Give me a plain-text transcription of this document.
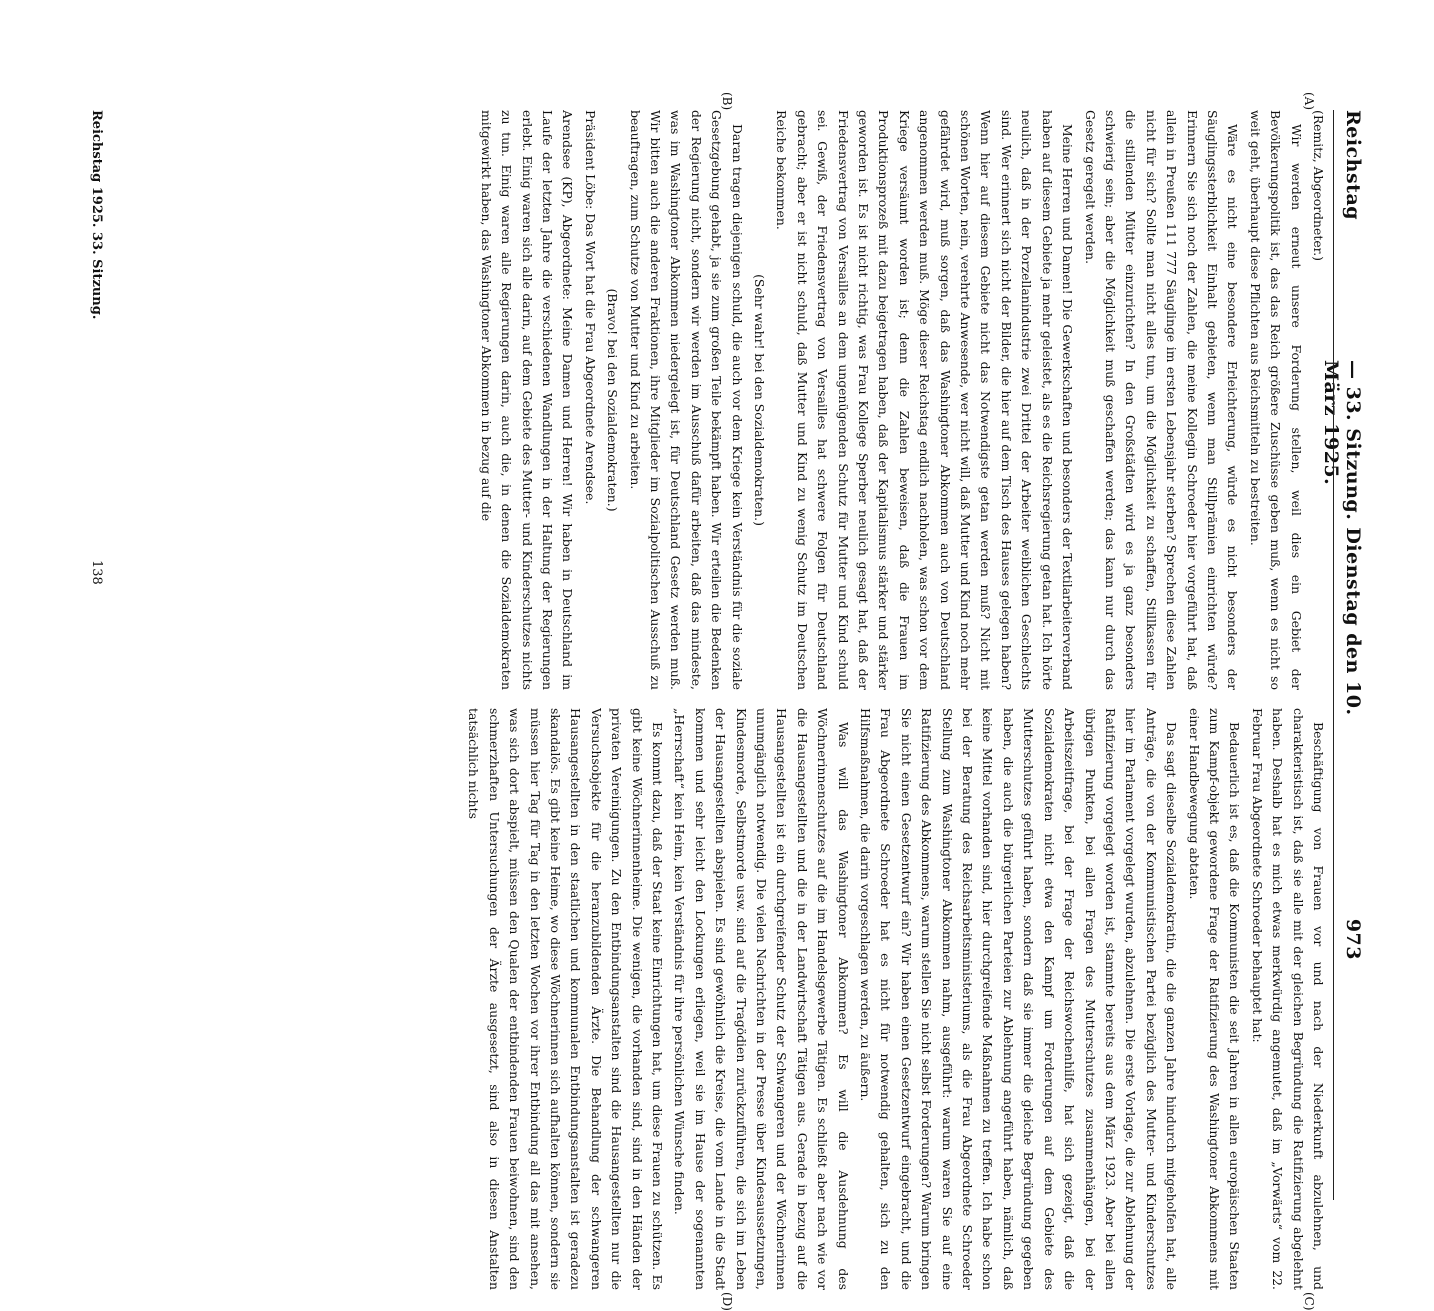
Reichstag
— 33. Sitzung. Dienstag den 10. März 1925.
973
(A)
(B)
(C)
(D)

(Remitz, Abgeordneter.)

Wir werden erneut unsere Forderung stellen, weil dies ein Gebiet der Bevölkerungspolitik ist, das das Reich größere Zuschüsse geben muß, wenn es nicht so weit geht, überhaupt diese Pflichten aus Reichsmitteln zu bestreiten.

Wäre es nicht eine besondere Erleichterung, würde es nicht besonders der Säuglingssterblichkeit Einhalt gebieten, wenn man Stillprämien einrichten würde? Erinnern Sie sich noch der Zahlen, die meine Kollegin Schroeder hier vorgeführt hat, daß allein in Preußen 111 777 Säuglinge im ersten Lebensjahr sterben? Sprechen diese Zahlen nicht für sich? Sollte man nicht alles tun, um die Möglichkeit zu schaffen, Stillkassen für die stillenden Mütter einzurichten? In den Großstädten wird es ja ganz besonders schwierig sein; aber die Möglichkeit muß geschaffen werden; das kann nur durch das Gesetz geregelt werden.

Meine Herren und Damen! Die Gewerkschaften und besonders der Textilarbeiterverband haben auf diesem Gebiete ja mehr geleistet, als es die Reichsregierung getan hat. Ich hörte neulich, daß in der Porzellanindustrie zwei Drittel der Arbeiter weiblichen Geschlechts sind. Wer erinnert sich nicht der Bilder, die hier auf dem Tisch des Hauses gelegen haben? Wenn hier auf diesem Gebiete nicht das Notwendigste getan werden muß? Nicht mit schönen Worten, nein, verehrte Anwesende, wer nicht will, daß Mutter und Kind noch mehr gefährdet wird, muß sorgen, daß das Washingtoner Abkommen auch von Deutschland angenommen werden muß. Möge dieser Reichstag endlich nachholen, was schon vor dem Kriege versäumt worden ist; denn die Zahlen beweisen, daß die Frauen im Produktionsprozeß mit dazu beigetragen haben, daß der Kapitalismus stärker und stärker geworden ist. Es ist nicht richtig, was Frau Kollege Sperber neulich gesagt hat, daß der Friedensvertrag von Versailles an dem ungenügenden Schutz für Mutter und Kind schuld sei. Gewiß, der Friedensvertrag von Versailles hat schwere Folgen für Deutschland gebracht; aber er ist nicht schuld, daß Mutter und Kind zu wenig Schutz im Deutschen Reiche bekommen.

(Sehr wahr! bei den Sozialdemokraten.)

Daran tragen diejenigen schuld, die auch vor dem Kriege kein Verständnis für die soziale Gesetzgebung gehabt, ja sie zum großen Teile bekämpft haben. Wir erteilen die Bedenken der Regierung nicht, sondern wir werden im Ausschuß dafür arbeiten, daß das mindeste, was im Washingtoner Abkommen niedergelegt ist, für Deutschland Gesetz werden muß. Wir bitten auch die anderen Fraktionen, ihre Mitglieder im Sozialpolitischen Ausschuß zu beauftragen, zum Schutze von Mutter und Kind zu arbeiten.

(Bravo! bei den Sozialdemokraten.)

Präsident Löbe: Das Wort hat die Frau Abgeordnete Arendsee.

Arendsee (KP), Abgeordnete: Meine Damen und Herren! Wir haben in Deutschland im Laufe der letzten Jahre die verschiedenen Wandlungen in der Haltung der Regierungen erlebt. Einig waren sich alle darin, auf dem Gebiete des Mutter- und Kinderschutzes nichts zu tun. Einig waren alle Regierungen darin, auch die, in denen die Sozialdemokraten mitgewirkt haben, das Washingtoner Abkommen in bezug auf die

Beschäftigung von Frauen vor und nach der Niederkunft abzulehnen, und charakteristisch ist, daß sie alle mit der gleichen Begründung die Ratifizierung abgelehnt haben. Deshalb hat es mich etwas merkwürdig angemutet, daß im „Vorwärts“ vom 22. Februar Frau Abgeordnete Schroeder behauptet hat:

Bedauerlich ist es, daß die Kommunisten die seit Jahren in allen europäischen Staaten zum Kampf-objekt gewordene Frage der Ratifizierung des Washingtoner Abkommens mit einer Handbewegung abtaten.

Das sagt dieselbe Sozialdemokratin, die die ganzen Jahre hindurch mitgeholfen hat, alle Anträge, die von der Kommunistischen Partei bezüglich des Mutter- und Kinderschutzes hier im Parlament vorgelegt wurden, abzulehnen. Die erste Vorlage, die zur Ablehnung der Ratifizierung vorgelegt worden ist, stammte bereits aus dem März 1923. Aber bei allen übrigen Punkten, bei allen Fragen des Mutterschutzes zusammenhängen, bei der Arbeitszeitfrage, bei der Frage der Reichswochenhilfe, hat sich gezeigt, daß die Sozialdemokraten nicht etwa den Kampf um Forderungen auf dem Gebiete des Mutterschutzes geführt haben, sondern daß sie immer die gleiche Begründung gegeben haben, die auch die bürgerlichen Parteien zur Ablehnung angeführt haben, nämlich, daß keine Mittel vorhanden sind, hier durchgreifende Maßnahmen zu treffen. Ich habe schon bei der Beratung des Reichsarbeitsministeriums, als die Frau Abgeordnete Schroeder Stellung zum Washingtoner Abkommen nahm, ausgeführt: warum waren Sie auf eine Ratifizierung des Abkommens, warum stellen Sie nicht selbst Forderungen? Warum bringen Sie nicht einen Gesetzentwurf ein? Wir haben einen Gesetzentwurf eingebracht, und die Frau Abgeordnete Schroeder hat es nicht für notwendig gehalten, sich zu den Hilfsmaßnahmen, die darin vorgeschlagen werden, zu äußern.

Was will das Washingtoner Abkommen? Es will die Ausdehnung des Wöchnerinnenschutzes auf die im Handelsgewerbe Tätigen. Es schließt aber nach wie vor die Hausangestellten und die in der Landwirtschaft Tätigen aus. Gerade in bezug auf die Hausangestellten ist ein durchgreifender Schutz der Schwangeren und der Wöchnerinnen unumgänglich notwendig. Die vielen Nachrichten in der Presse über Kindesaussetzungen, Kindesmorde, Selbstmorde usw. sind auf die Tragödien zurückzuführen, die sich im Leben der Hausangestellten abspielen. Es sind gewöhnlich die Kreise, die vom Lande in die Stadt kommen und sehr leicht den Lockungen erliegen, weil sie im Hause der sogenannten „Herrschaft“ kein Heim, kein Verständnis für ihre persönlichen Wünsche finden.

Es kommt dazu, daß der Staat keine Einrichtungen hat, um diese Frauen zu schützen. Es gibt keine Wöchnerinnenheime. Die wenigen, die vorhanden sind, sind in den Händen der privaten Vereinigungen. Zu den Entbindungsanstalten sind die Hausangestellten nur die Versuchsobjekte für die heranzubildenden Ärzte. Die Behandlung der schwangeren Hausangestellten in den staatlichen und kommunalen Entbindungsanstalten ist geradezu skandalös. Es gibt keine Heime, wo diese Wöchnerinnen sich aufhalten können, sondern sie müssen hier Tag für Tag in den letzten Wochen vor ihrer Entbindung all das mit ansehen, was sich dort abspielt, müssen den Qualen der entbindenden Frauen beiwohnen, sind den schmerzhaften Untersuchungen der Ärzte ausgesetzt, sind also in diesen Anstalten tatsächlich nichts

Reichstag 1925. 33. Sitzung.
138
